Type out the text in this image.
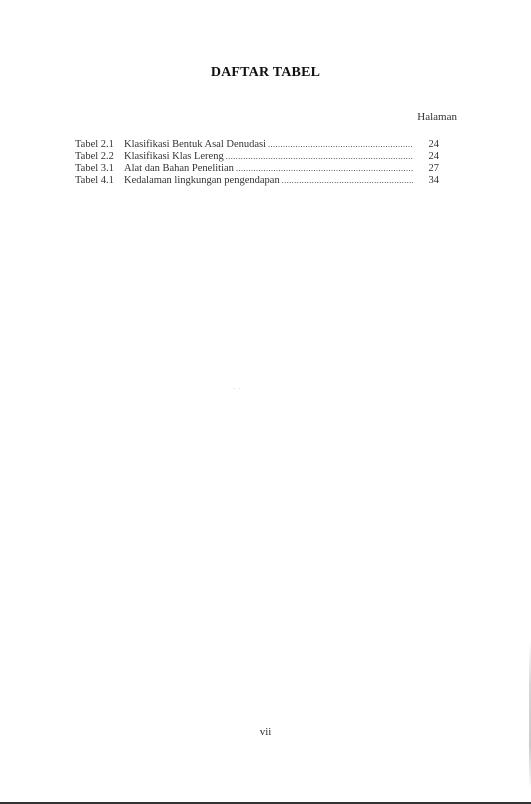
DAFTAR TABEL
Halaman
Tabel 2.1 Klasifikasi Bentuk Asal Denudasi .....	24
Tabel 2.2 Klasifikasi Klas Lereng .....	24
Tabel 3.1 Alat dan Bahan Penelitian .....	27
Tabel 4.1 Kedalaman lingkungan pengendapan .....	34
- -
vii
